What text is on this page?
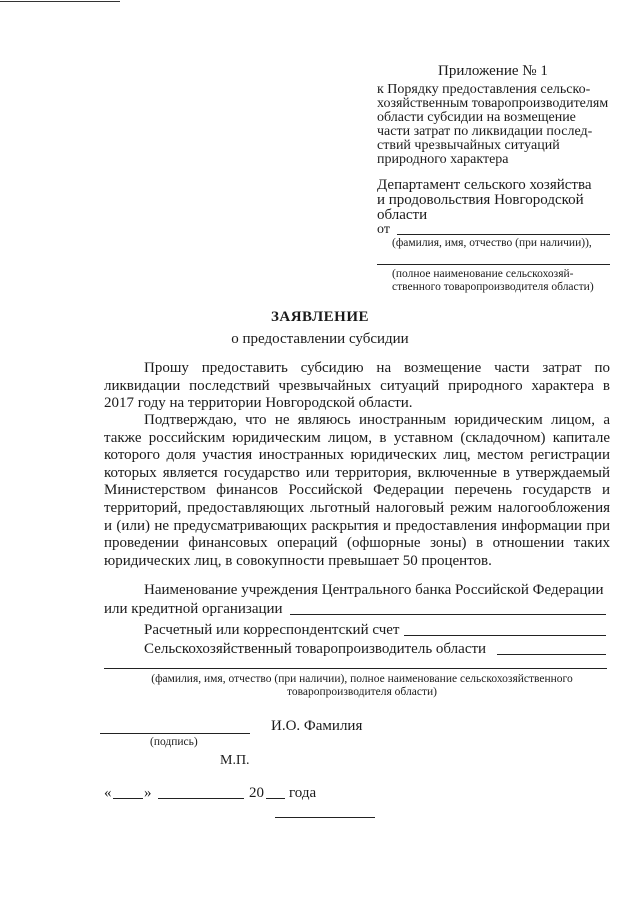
Приложение № 1
к Порядку предоставления сельско-
хозяйственным товаропроизводителям
области субсидии на возмещение
части затрат по ликвидации послед-
ствий чрезвычайных ситуаций
природного характера
Департамент сельского хозяйства
и продовольствия Новгородской
области
от
(фамилия, имя, отчество (при наличии)),
(полное наименование сельскохозяй-
ственного товаропроизводителя области)
ЗАЯВЛЕНИЕ
о предоставлении субсидии
Прошу предоставить субсидию на возмещение части затрат по ликвидации последствий чрезвычайных ситуаций природного характера в 2017 году на территории Новгородской области.
Подтверждаю, что не являюсь иностранным юридическим лицом, а также российским юридическим лицом, в уставном (складочном) капитале которого доля участия иностранных юридических лиц, местом регистрации которых является государство или территория, включенные в утверждаемый Министерством финансов Российской Федерации перечень государств и территорий, предоставляющих льготный налоговый режим налогообложения и (или) не предусматривающих раскрытия и предоставления информации при проведении финансовых операций (офшорные зоны) в отношении таких юридических лиц, в совокупности превышает 50 процентов.
Наименование учреждения Центрального банка Российской Федерации
или кредитной организации
Расчетный или корреспондентский счет
Сельскохозяйственный товаропроизводитель области
(фамилия, имя, отчество (при наличии), полное наименование сельскохозяйственного
товаропроизводителя области)
И.О. Фамилия
(подпись)
М.П.
« »	20 года
